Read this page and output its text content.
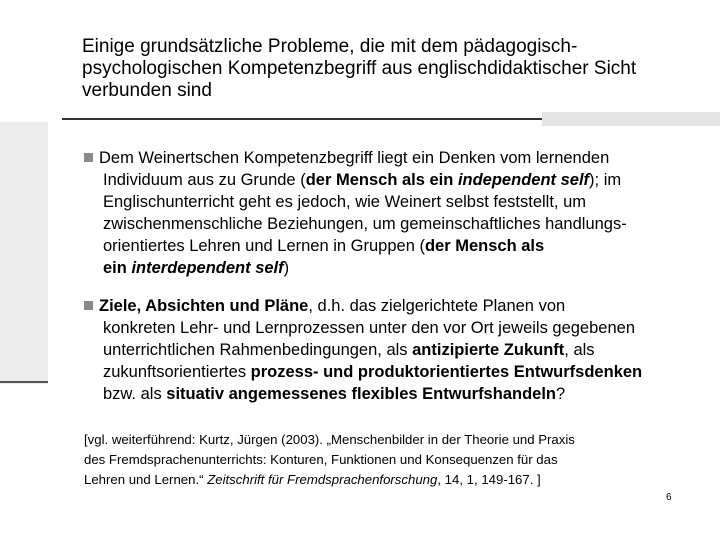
Einige grundsätzliche Probleme, die mit dem pädagogisch-
psychologischen Kompetenzbegriff aus englischdidaktischer Sicht
verbunden sind
Dem Weinertschen Kompetenzbegriff liegt ein Denken vom lernenden
Individuum aus zu Grunde (der Mensch als ein independent self); im
Englischunterricht geht es jedoch, wie Weinert selbst feststellt, um
zwischenmenschliche Beziehungen, um gemeinschaftliches handlungs-
orientiertes Lehren und Lernen in Gruppen (der Mensch als
ein interdependent self)
Ziele, Absichten und Pläne, d.h. das zielgerichtete Planen von
konkreten Lehr- und Lernprozessen unter den vor Ort jeweils gegebenen
unterrichtlichen Rahmenbedingungen, als antizipierte Zukunft, als
zukunftsorientiertes prozess- und produktorientiertes Entwurfsdenken
bzw. als situativ angemessenes flexibles Entwurfshandeln?
[vgl. weiterführend: Kurtz, Jürgen (2003). „Menschenbilder in der Theorie und Praxis
des Fremdsprachenunterrichts: Konturen, Funktionen und Konsequenzen für das
Lehren und Lernen.“ Zeitschrift für Fremdsprachenforschung, 14, 1, 149-167. ]
6
